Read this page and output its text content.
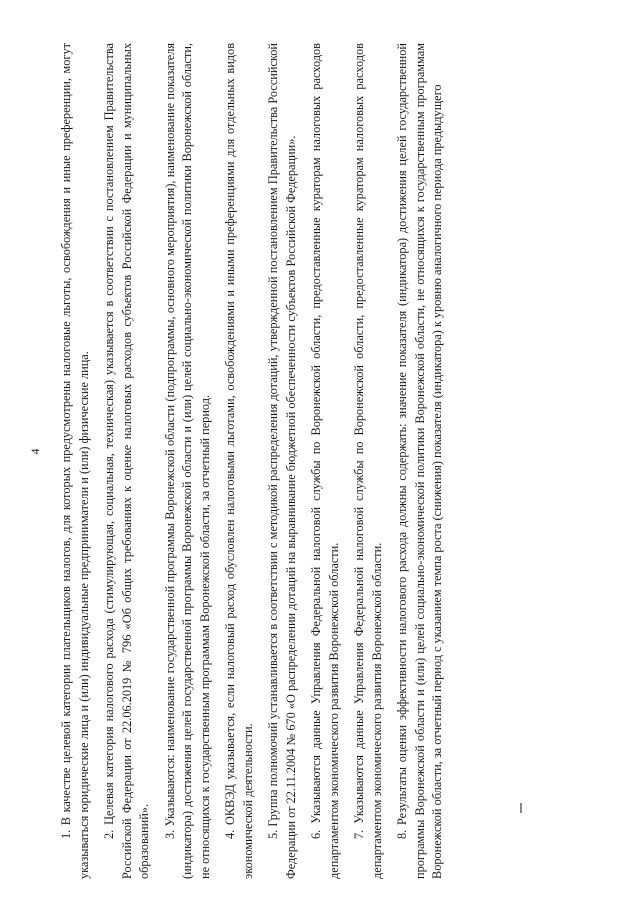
4 1. В качестве целевой категории плательщиков налогов, для которых предусмотрены налоговые льготы, освобождения и иные преференции, могут указываться юридические лица и (или) индивидуальные предприниматели и (или) физические лица. 2. Целевая категория налогового расхода (стимулирующая, социальная, техническая) указывается в соответствии с постановлением Правительства Российской Федерации от 22.06.2019 № 796 «Об общих требованиях к оценке налоговых расходов субъектов Российской Федерации и муниципальных образований».

3. Указываются: наименование государственной программы Воронежской области (подпрограммы, основного мероприятия), наименование показателя (индикатора) достижения целей государственной программы Воронежской области и (или) целей социально-экономической политики Воронежской области, не относящихся к государственным программам Воронежской области, за отчетный период. 4. ОКВЭД указывается, если налоговый расход обусловлен налоговыми льготами, освобождениями и иными преференциями для отдельных видов экономической деятельности. 5. Группа полномочий устанавливается в соответствии с методикой распределения дотаций, утвержденной постановлением Правительства Российской Федерации от 22.11.2004 № 670 «О распределении дотаций на выравнивание бюджетной обеспеченности субъектов Российской Федерации». 6. Указываются данные Управления Федеральной налоговой службы по Воронежской области, предоставленные кураторам налоговых расходов департаментом экономического развития Воронежской области. 7. Указываются данные Управления Федеральной налоговой службы по Воронежской области, предоставленные кураторам налоговых расходов департаментом экономического развития Воронежской области. 8. Результаты оценки эффективности налогового расхода должны содержать: значение показателя (индикатора) достижения целей государственной программы Воронежской области и (или) целей социально-экономической политики Воронежской области, не относящихся к государственным программам Воронежской области, за отчетный период с указанием темпа роста (снижения) показателя (индикатора) к уровню аналогичного периода предыдущего
